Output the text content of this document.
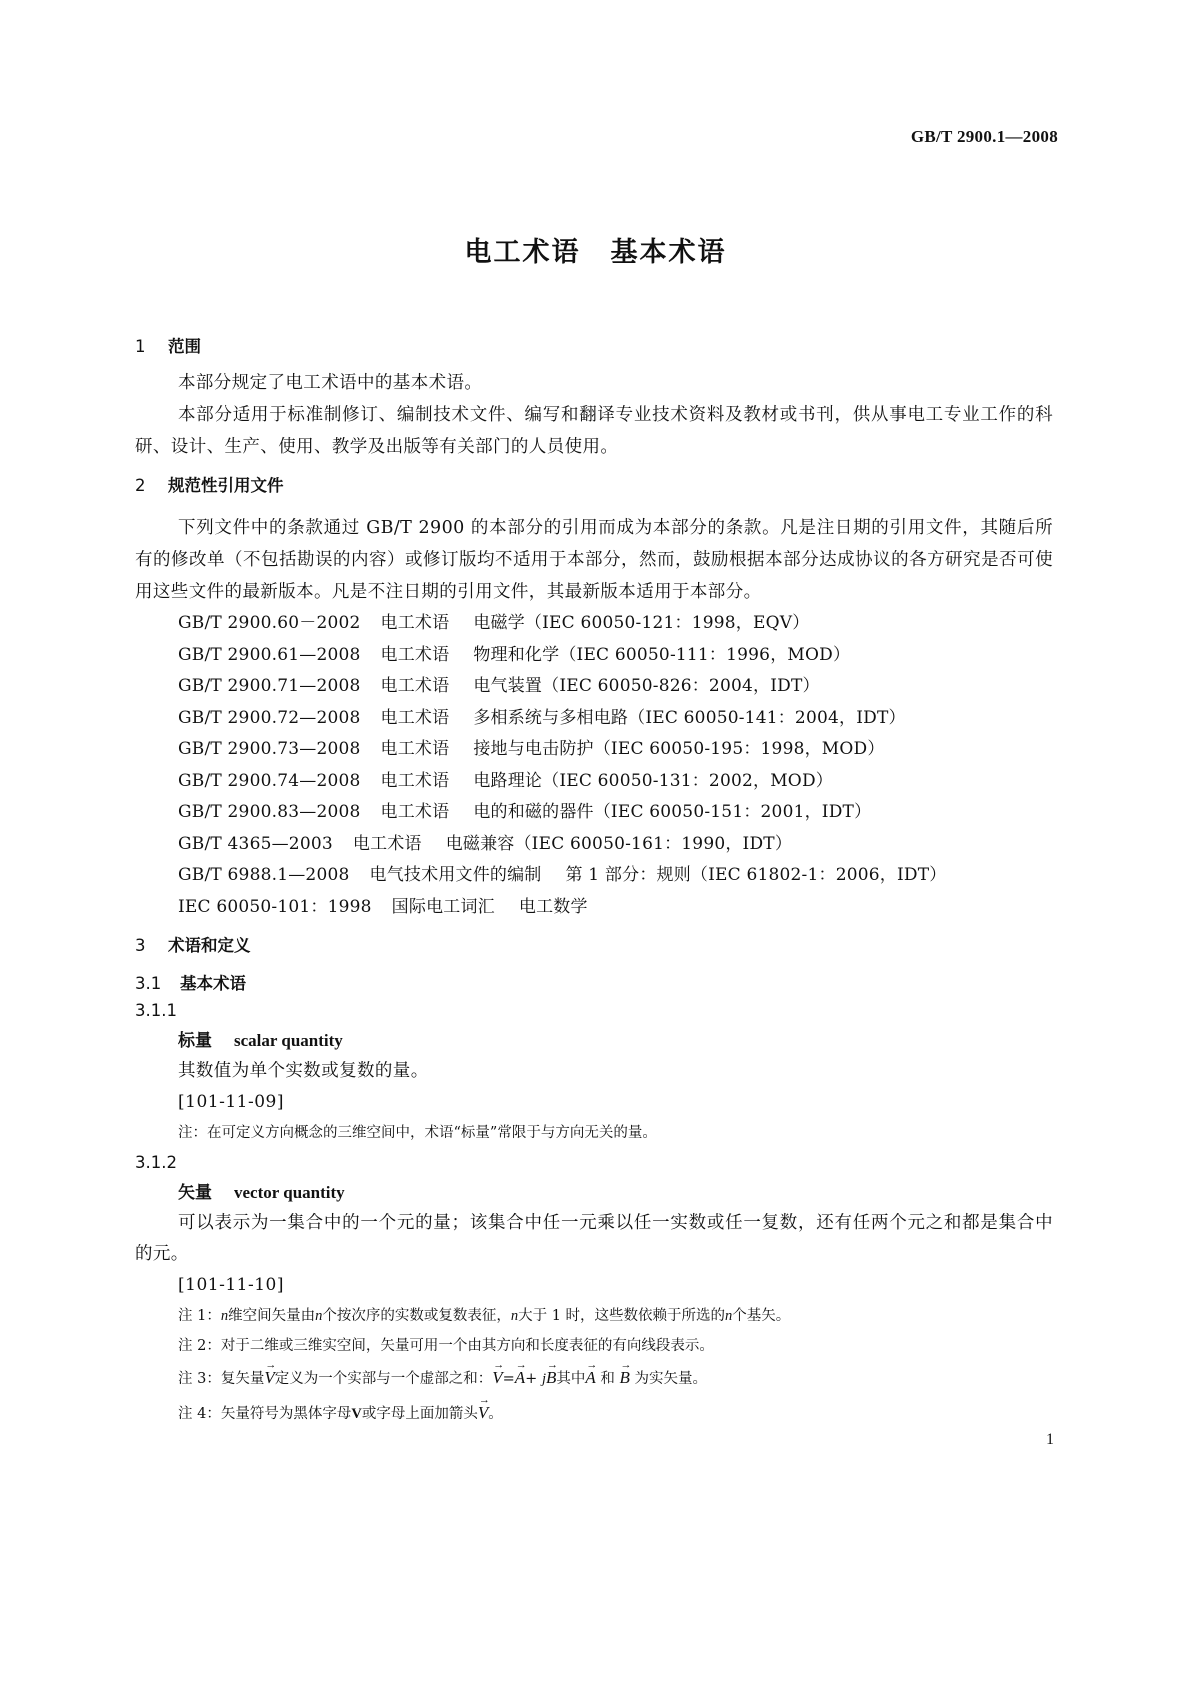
GB/T 2900.1—2008
电工术语 基本术语
1 范围
本部分规定了电工术语中的基本术语。
本部分适用于标准制修订、编制技术文件、编写和翻译专业技术资料及教材或书刊，供从事电工专业工作的科研、设计、生产、使用、教学及出版等有关部门的人员使用。
2 规范性引用文件
下列文件中的条款通过 GB/T 2900 的本部分的引用而成为本部分的条款。凡是注日期的引用文件，其随后所有的修改单（不包括勘误的内容）或修订版均不适用于本部分，然而，鼓励根据本部分达成协议的各方研究是否可使用这些文件的最新版本。凡是不注日期的引用文件，其最新版本适用于本部分。
GB/T 2900.60－2002 电工术语 电磁学（IEC 60050-121：1998，EQV）
GB/T 2900.61—2008 电工术语 物理和化学（IEC 60050-111：1996，MOD）
GB/T 2900.71—2008 电工术语 电气装置（IEC 60050-826：2004，IDT）
GB/T 2900.72—2008 电工术语 多相系统与多相电路（IEC 60050-141：2004，IDT）
GB/T 2900.73—2008 电工术语 接地与电击防护（IEC 60050-195：1998，MOD）
GB/T 2900.74—2008 电工术语 电路理论（IEC 60050-131：2002，MOD）
GB/T 2900.83—2008 电工术语 电的和磁的器件（IEC 60050-151：2001，IDT）
GB/T 4365—2003 电工术语 电磁兼容（IEC 60050-161：1990，IDT）
GB/T 6988.1—2008 电气技术用文件的编制 第 1 部分：规则（IEC 61802-1：2006，IDT）
IEC 60050-101：1998 国际电工词汇 电工数学
3 术语和定义
3.1 基本术语
3.1.1
标量 scalar quantity
其数值为单个实数或复数的量。
[101-11-09]
注：在可定义方向概念的三维空间中，术语“标量”常限于与方向无关的量。
3.1.2
矢量 vector quantity
可以表示为一集合中的一个元的量；该集合中任一元乘以任一实数或任一复数，还有任两个元之和都是集合中的元。
[101-11-10]
注 1：n维空间矢量由n个按次序的实数或复数表征，n大于 1 时，这些数依赖于所选的n个基矢。
注 2：对于二维或三维实空间，矢量可用一个由其方向和长度表征的有向线段表示。
注 3：复矢量→ V定义为一个实部与一个虚部之和：→ V=→ A+ j→ B其中→ A 和 → B 为实矢量。
注 4：矢量符号为黑体字母V或字母上面加箭头→ V。
1
